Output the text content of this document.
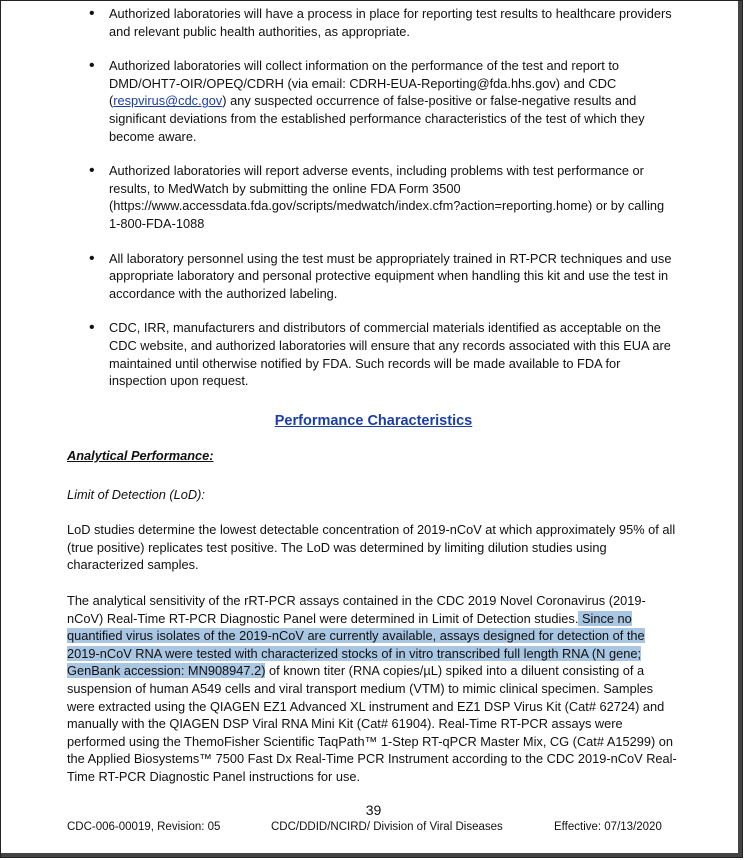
• Authorized laboratories will have a process in place for reporting test results to healthcare providers and relevant public health authorities, as appropriate.
• Authorized laboratories will collect information on the performance of the test and report to DMD/OHT7-OIR/OPEQ/CDRH (via email: CDRH-EUA-Reporting@fda.hhs.gov) and CDC (respvirus@cdc.gov) any suspected occurrence of false-positive or false-negative results and significant deviations from the established performance characteristics of the test of which they become aware.
• Authorized laboratories will report adverse events, including problems with test performance or results, to MedWatch by submitting the online FDA Form 3500 (https://www.accessdata.fda.gov/scripts/medwatch/index.cfm?action=reporting.home) or by calling 1-800-FDA-1088
• All laboratory personnel using the test must be appropriately trained in RT-PCR techniques and use appropriate laboratory and personal protective equipment when handling this kit and use the test in accordance with the authorized labeling.
• CDC, IRR, manufacturers and distributors of commercial materials identified as acceptable on the CDC website, and authorized laboratories will ensure that any records associated with this EUA are maintained until otherwise notified by FDA. Such records will be made available to FDA for inspection upon request.
Performance Characteristics
Analytical Performance:
Limit of Detection (LoD):

LoD studies determine the lowest detectable concentration of 2019-nCoV at which approximately 95% of all (true positive) replicates test positive. The LoD was determined by limiting dilution studies using characterized samples.

The analytical sensitivity of the rRT-PCR assays contained in the CDC 2019 Novel Coronavirus (2019-nCoV) Real-Time RT-PCR Diagnostic Panel were determined in Limit of Detection studies. Since no quantified virus isolates of the 2019-nCoV are currently available, assays designed for detection of the 2019-nCoV RNA were tested with characterized stocks of in vitro transcribed full length RNA (N gene; GenBank accession: MN908947.2) of known titer (RNA copies/µL) spiked into a diluent consisting of a suspension of human A549 cells and viral transport medium (VTM) to mimic clinical specimen. Samples were extracted using the QIAGEN EZ1 Advanced XL instrument and EZ1 DSP Virus Kit (Cat# 62724) and manually with the QIAGEN DSP Viral RNA Mini Kit (Cat# 61904). Real-Time RT-PCR assays were performed using the ThemoFisher Scientific TaqPath™ 1-Step RT-qPCR Master Mix, CG (Cat# A15299) on the Applied Biosystems™ 7500 Fast Dx Real-Time PCR Instrument according to the CDC 2019-nCoV Real-Time RT-PCR Diagnostic Panel instructions for use.

39
CDC-006-00019, Revision: 05	CDC/DDID/NCIRD/ Division of Viral Diseases	Effective: 07/13/2020
